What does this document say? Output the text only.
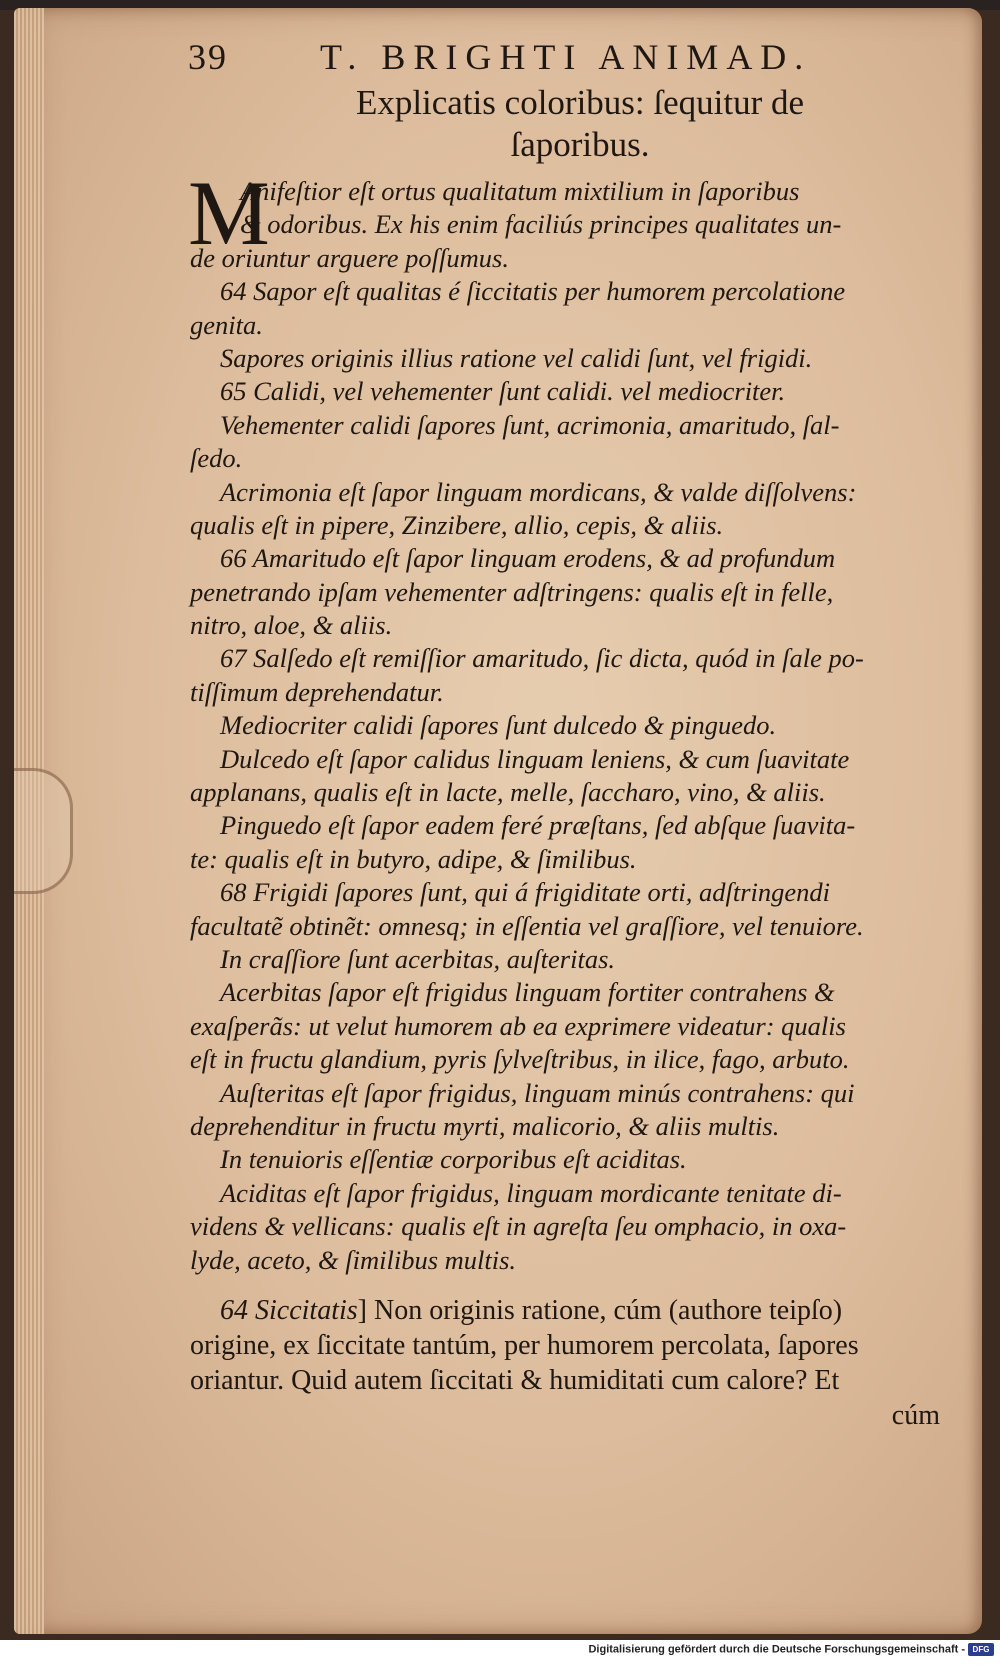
39	T. BRIGHTI ANIMAD.
Explicatis coloribus: ſequitur de
ſaporibus.
M
Anifeſtior eſt ortus qualitatum mixtilium in ſaporibus
& odoribus. Ex his enim faciliús principes qualitates un-
de oriuntur arguere poſſumus.
64 Sapor eſt qualitas é ſiccitatis per humorem percolatione
genita.
Sapores originis illius ratione vel calidi ſunt, vel frigidi.
65 Calidi, vel vehementer ſunt calidi. vel mediocriter.
Vehementer calidi ſapores ſunt, acrimonia, amaritudo, ſal-
ſedo.
Acrimonia eſt ſapor linguam mordicans, & valde diſſolvens:
qualis eſt in pipere, Zinzibere, allio, cepis, & aliis.
66 Amaritudo eſt ſapor linguam erodens, & ad profundum
penetrando ipſam vehementer adſtringens: qualis eſt in felle,
nitro, aloe, & aliis.
67 Salſedo eſt remiſſior amaritudo, ſic dicta, quód in ſale po-
tiſſimum deprehendatur.
Mediocriter calidi ſapores ſunt dulcedo & pinguedo.
Dulcedo eſt ſapor calidus linguam leniens, & cum ſuavitate
applanans, qualis eſt in lacte, melle, ſaccharo, vino, & aliis.
Pinguedo eſt ſapor eadem feré præſtans, ſed abſque ſuavita-
te: qualis eſt in butyro, adipe, & ſimilibus.
68 Frigidi ſapores ſunt, qui á frigiditate orti, adſtringendi
facultatẽ obtinẽt: omnesq; in eſſentia vel graſſiore, vel tenuiore.
In craſſiore ſunt acerbitas, auſteritas.
Acerbitas ſapor eſt frigidus linguam fortiter contrahens &
exaſperãs: ut velut humorem ab ea exprimere videatur: qualis
eſt in fructu glandium, pyris ſylveſtribus, in ilice, fago, arbuto.
Auſteritas eſt ſapor frigidus, linguam minús contrahens: qui
deprehenditur in fructu myrti, malicorio, & aliis multis.
In tenuioris eſſentiæ corporibus eſt aciditas.
Aciditas eſt ſapor frigidus, linguam mordicante tenitate di-
videns & vellicans: qualis eſt in agreſta ſeu omphacio, in oxa-
lyde, aceto, & ſimilibus multis.
64 Siccitatis] Non originis ratione, cúm (authore teipſo)
origine, ex ſiccitate tantúm, per humorem percolata, ſapores
oriantur. Quid autem ſiccitati & humiditati cum calore? Et
cúm
Digitalisierung gefördert durch die Deutsche Forschungsgemeinschaft - DFG
